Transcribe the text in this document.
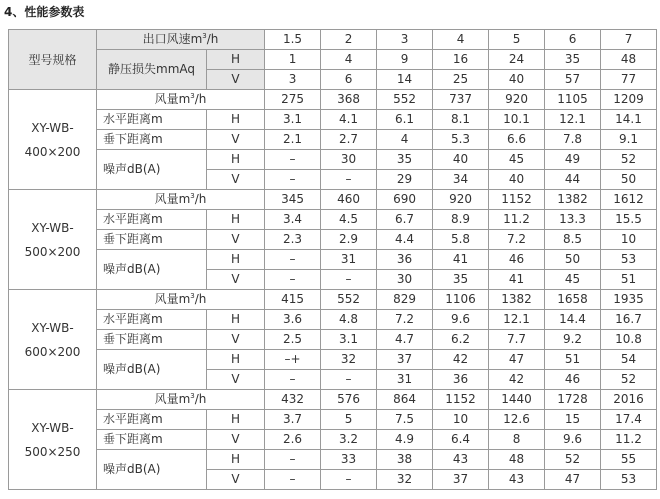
4、性能参数表
型号规格	出口风速$m^3/h$		1.5	2	3	4	5	6	7
	静压损失mmAq	H	1	4	9	16	24	35	48
		V	3	6	14	25	40	57	77

XY-WB-
400×200	风量$m^3/h$		275	368	552	737	920	1105	1209
	水平距离m	H	3.1	4.1	6.1	8.1	10.1	12.1	14.1
	垂下距离m	V	2.1	2.7	4	5.3	6.6	7.8	9.1
	噪声dB(A)	H	–	30	35	40	45	49	52
		V	–	–	29	34	40	44	50

XY-WB-
500×200	风量$m^3/h$		345	460	690	920	1152	1382	1612
	水平距离m	H	3.4	4.5	6.7	8.9	11.2	13.3	15.5
	垂下距离m	V	2.3	2.9	4.4	5.8	7.2	8.5	10
	噪声dB(A)	H	–	31	36	41	46	50	53
		V	–	–	30	35	41	45	51

XY-WB-
600×200	风量$m^3/h$		415	552	829	1106	1382	1658	1935
	水平距离m	H	3.6	4.8	7.2	9.6	12.1	14.4	16.7
	垂下距离m	V	2.5	3.1	4.7	6.2	7.7	9.2	10.8
	噪声dB(A)	H	–+	32	37	42	47	51	54
		V	–	–	31	36	42	46	52

XY-WB-
500×250	风量$m^3/h$		432	576	864	1152	1440	1728	2016
	水平距离m	H	3.7	5	7.5	10	12.6	15	17.4
	垂下距离m	V	2.6	3.2	4.9	6.4	8	9.6	11.2
	噪声dB(A)	H	–	33	38	43	48	52	55
		V	–	–	32	37	43	47	53
